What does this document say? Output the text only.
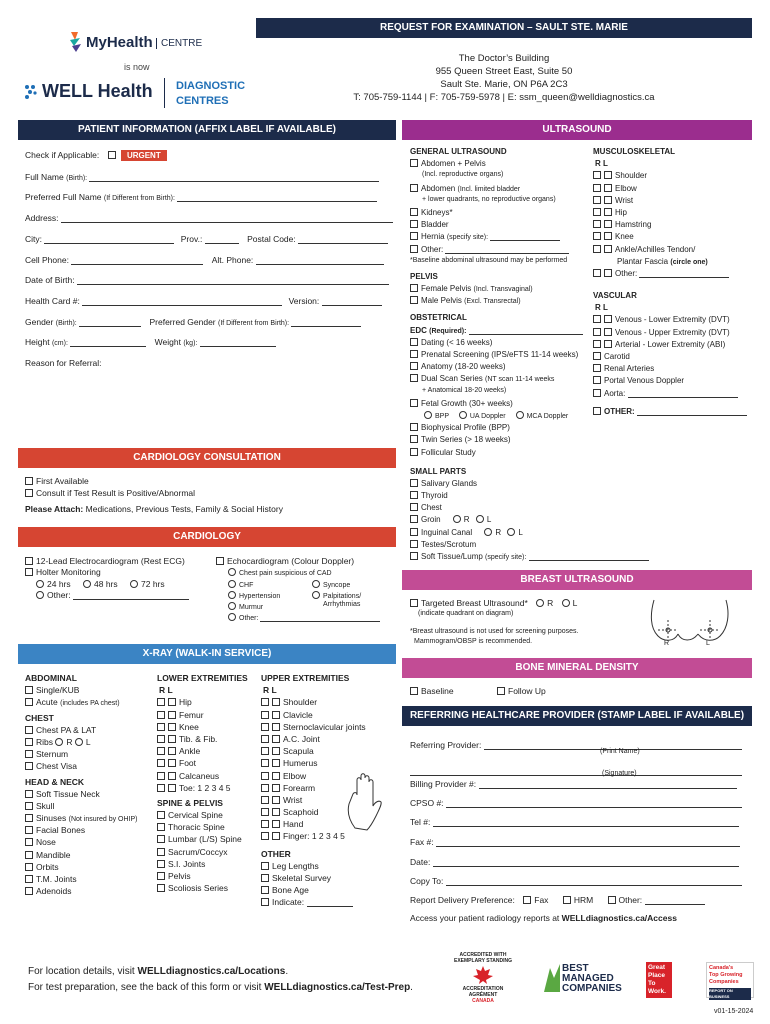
MyHealth CENTRE
is now
WELL Health DIAGNOSTIC
CENTRES
REQUEST FOR EXAMINATION – SAULT STE. MARIE
The Doctor’s Building
955 Queen Street East, Suite 50
Sault Ste. Marie, ON P6A 2C3
T: 705-759-1144 | F: 705-759-5978 | E: ssm_queen@welldiagnostics.ca
PATIENT INFORMATION (AFFIX LABEL IF AVAILABLE)
Check if Applicable:	URGENT
Full Name (Birth):
Preferred Full Name (If Different from Birth):
Address:
City:	Prov.:	Postal Code:
Cell Phone:	Alt. Phone:
Date of Birth:
Health Card #:	Version:
Gender (Birth):	Preferred Gender (If Different from Birth):
Height (cm):	Weight (kg):
Reason for Referral:
CARDIOLOGY CONSULTATION
First Available
Consult if Test Result is Positive/Abnormal
Please Attach: Medications, Previous Tests, Family & Social History
CARDIOLOGY
12-Lead Electrocardiogram (Rest ECG)
Holter Monitoring
24 hrs	48 hrs	72 hrs
Other:
Echocardiogram (Colour Doppler)
Chest pain suspicious of CAD
CHF	Syncope
Hypertension	Palpitations/
Arrhythmias
Murmur
Other:
X-RAY (WALK-IN SERVICE)
ABDOMINAL
Single/KUB
Acute (includes PA chest)
CHEST
Chest PA & LAT
Ribs R L
Sternum
Chest Visa
HEAD & NECK
Soft Tissue Neck
Skull
Sinuses (Not insured by OHIP)
Facial Bones
Nose
Mandible
Orbits
T.M. Joints
Adenoids
LOWER EXTREMITIES
R L
Hip
Femur
Knee
Tib. & Fib.
Ankle
Foot
Calcaneus
Toe: 1 2 3 4 5
SPINE & PELVIS
Cervical Spine
Thoracic Spine
Lumbar (L/S) Spine
Sacrum/Coccyx
S.I. Joints
Pelvis
Scoliosis Series
UPPER EXTREMITIES
R L
Shoulder
Clavicle
Sternoclavicular joints
A.C. Joint
Scapula
Humerus
Elbow
Forearm
Wrist
Scaphoid
Hand
Finger: 1 2 3 4 5
OTHER
Leg Lengths
Skeletal Survey
Bone Age
Indicate:
ULTRASOUND
GENERAL ULTRASOUND
Abdomen + Pelvis
(Incl. reproductive organs)
Abdomen (Incl. limited bladder
+ lower quadrants, no reproductive organs)
Kidneys*
Bladder
Hernia (specify site):
Other:
*Baseline abdominal ultrasound may be performed
PELVIS
Female Pelvis (Incl. Transvaginal)
Male Pelvis (Excl. Transrectal)
OBSTETRICAL
EDC (Required):
Dating (< 16 weeks)
Prenatal Screening (IPS/eFTS 11-14 weeks)
Anatomy (18-20 weeks)
Dual Scan Series (NT scan 11-14 weeks
+ Anatomical 18-20 weeks)
Fetal Growth (30+ weeks)
BPP	UA Doppler	MCA Doppler
Biophysical Profile (BPP)
Twin Series (> 18 weeks)
Follicular Study
SMALL PARTS
Salivary Glands
Thyroid
Chest
Groin	R L
Inguinal Canal	R L
Testes/Scrotum
Soft Tissue/Lump (specify site):
MUSCULOSKELETAL
R L
Shoulder
Elbow
Wrist
Hip
Hamstring
Knee
Ankle/Achilles Tendon/
Plantar Fascia (circle one)
Other:
VASCULAR
R L
Venous - Lower Extremity (DVT)
Venous - Upper Extremity (DVT)
Arterial - Lower Extremity (ABI)
Carotid
Renal Arteries
Portal Venous Doppler
Aorta:
OTHER:
BREAST ULTRASOUND
Targeted Breast Ultrasound* R L
(indicate quadrant on diagram)
*Breast ultrasound is not used for screening purposes.
Mammogram/OBSP is recommended.	R	L
BONE MINERAL DENSITY
Baseline	Follow Up
REFERRING HEALTHCARE PROVIDER (STAMP LABEL IF AVAILABLE)
Referring Provider:
(Print Name)
(Signature)
Billing Provider #:
CPSO #:
Tel #:
Fax #:
Date:
Copy To:
Report Delivery Preference: Fax	HRM	Other:
Access your patient radiology reports at WELLdiagnostics.ca/Access
For location details, visit WELLdiagnostics.ca/Locations.
For test preparation, see the back of this form or visit WELLdiagnostics.ca/Test-Prep.
ACCREDITED WITH
EXEMPLARY STANDING
ACCREDITATION
AGRÉMENT
CANADA
BEST
MANAGED
COMPANIES
Great
Place
To
Work.
Canada's
Top Growing
Companies
REPORT ON BUSINESS
v01-15-2024
